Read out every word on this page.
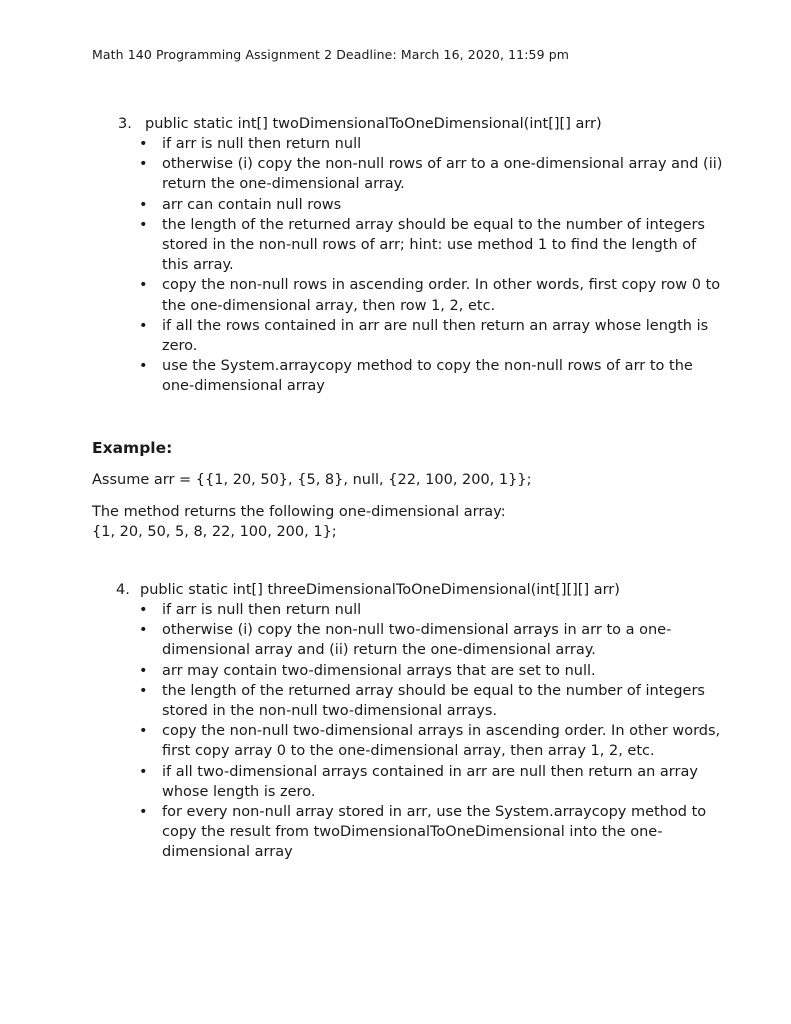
Math 140 Programming Assignment 2 Deadline: March 16, 2020, 11:59 pm
3. public static int[] twoDimensionalToOneDimensional(int[][] arr)
• if arr is null then return null
• otherwise (i) copy the non-null rows of arr to a one-dimensional array and (ii)
return the one-dimensional array.
• arr can contain null rows
• the length of the returned array should be equal to the number of integers
stored in the non-null rows of arr; hint: use method 1 to find the length of
this array.
• copy the non-null rows in ascending order. In other words, first copy row 0 to
the one-dimensional array, then row 1, 2, etc.
• if all the rows contained in arr are null then return an array whose length is
zero.
• use the System.arraycopy method to copy the non-null rows of arr to the
one-dimensional array
Example:
Assume arr = {{1, 20, 50}, {5, 8}, null, {22, 100, 200, 1}};
The method returns the following one-dimensional array:
{1, 20, 50, 5, 8, 22, 100, 200, 1};
4. public static int[] threeDimensionalToOneDimensional(int[][][] arr)
• if arr is null then return null
• otherwise (i) copy the non-null two-dimensional arrays in arr to a one-
dimensional array and (ii) return the one-dimensional array.
• arr may contain two-dimensional arrays that are set to null.
• the length of the returned array should be equal to the number of integers
stored in the non-null two-dimensional arrays.
• copy the non-null two-dimensional arrays in ascending order. In other words,
first copy array 0 to the one-dimensional array, then array 1, 2, etc.
• if all two-dimensional arrays contained in arr are null then return an array
whose length is zero.
• for every non-null array stored in arr, use the System.arraycopy method to
copy the result from twoDimensionalToOneDimensional into the one-
dimensional array
